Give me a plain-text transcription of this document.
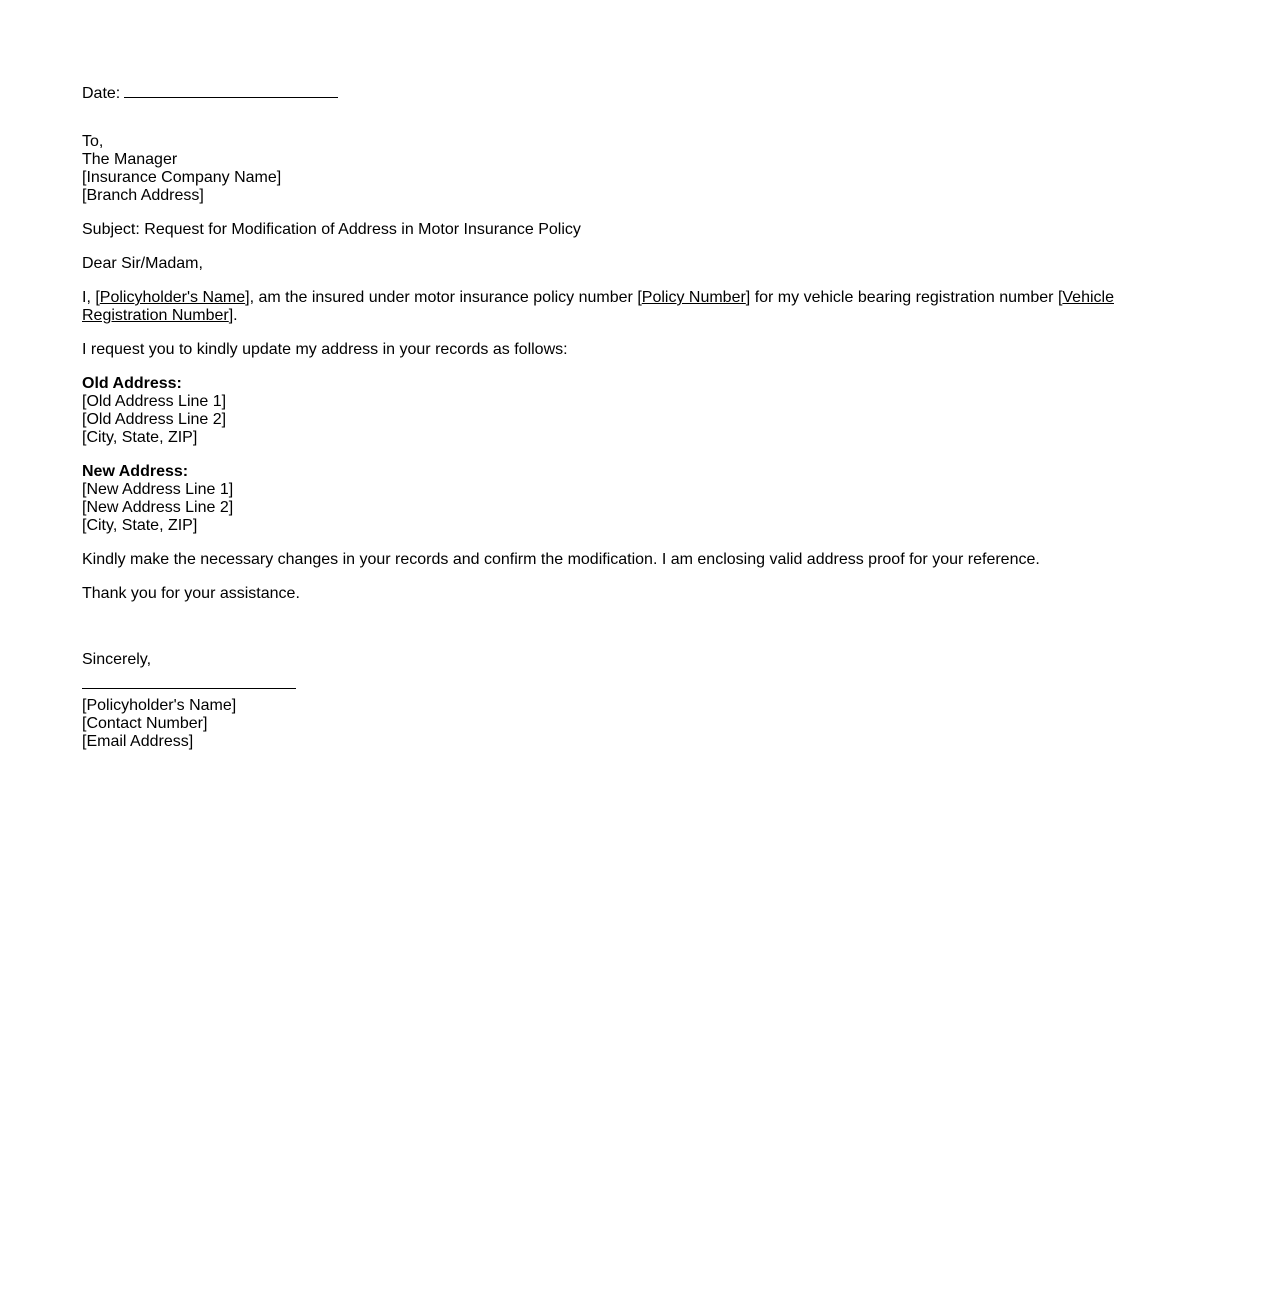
Date:
To,
The Manager
[Insurance Company Name]
[Branch Address]
Subject: Request for Modification of Address in Motor Insurance Policy
Dear Sir/Madam,
I, [Policyholder's Name], am the insured under motor insurance policy number [Policy Number] for my vehicle bearing registration number [Vehicle Registration Number].
I request you to kindly update my address in your records as follows:
Old Address:
[Old Address Line 1]
[Old Address Line 2]
[City, State, ZIP]
New Address:
[New Address Line 1]
[New Address Line 2]
[City, State, ZIP]
Kindly make the necessary changes in your records and confirm the modification. I am enclosing valid address proof for your reference.
Thank you for your assistance.
Sincerely,
[Policyholder's Name]
[Contact Number]
[Email Address]
